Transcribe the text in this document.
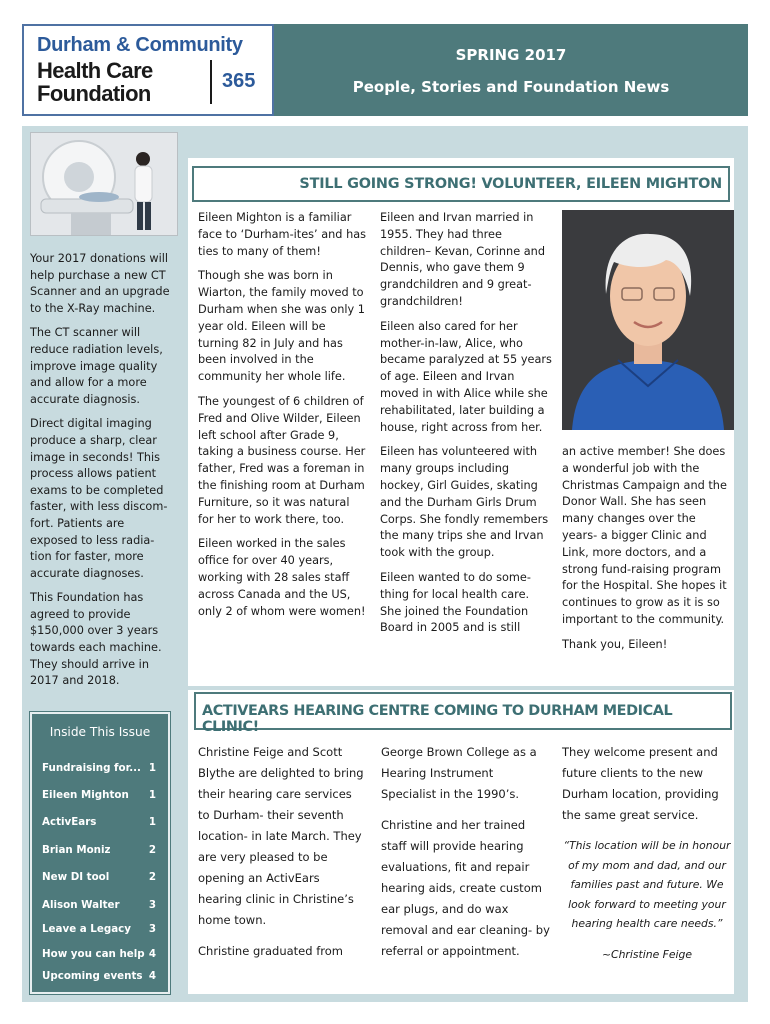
Durham & Community
Health Care
Foundation	365
SPRING 2017
People, Stories and Foundation News

Your 2017 donations will help purchase a new CT Scanner and an upgrade to the X-Ray machine.

The CT scanner will reduce radiation levels, improve image quality and allow for a more accurate diagnosis.

Direct digital imaging produce a sharp, clear image in seconds! This process allows patient exams to be completed faster, with less discom-fort. Patients are exposed to less radia-tion for faster, more accurate diagnoses.

This Foundation has agreed to provide $150,000 over 3 years towards each machine. They should arrive in 2017 and 2018.

STILL GOING STRONG! VOLUNTEER, EILEEN MIGHTON

Eileen Mighton is a familiar face to ‘Durham-ites’ and has ties to many of them!

Though she was born in Wiarton, the family moved to Durham when she was only 1 year old. Eileen will be turning 82 in July and has been involved in the community her whole life.

The youngest of 6 children of Fred and Olive Wilder, Eileen left school after Grade 9, taking a business course. Her father, Fred was a foreman in the finishing room at Durham Furniture, so it was natural for her to work there, too.

Eileen worked in the sales office for over 40 years, working with 28 sales staff across Canada and the US, only 2 of whom were women!

Eileen and Irvan married in 1955. They had three children– Kevan, Corinne and Dennis, who gave them 9 grandchildren and 9 great-grandchildren!

Eileen also cared for her mother-in-law, Alice, who became paralyzed at 55 years of age. Eileen and Irvan moved in with Alice while she rehabilitated, later building a house, right across from her.

Eileen has volunteered with many groups including hockey, Girl Guides, skating and the Durham Girls Drum Corps. She fondly remembers the many trips she and Irvan took with the group.

Eileen wanted to do some-thing for local health care. She joined the Foundation Board in 2005 and is still

an active member! She does a wonderful job with the Christmas Campaign and the Donor Wall. She has seen many changes over the years- a bigger Clinic and Link, more doctors, and a strong fund-raising program for the Hospital. She hopes it continues to grow as it is so important to the community.

Thank you, Eileen!

Inside This Issue
Fundraising for... 1
Eileen Mighton 1
ActivEars	1
Brian Moniz	2
New DI tool	2
Alison Walter	3
Leave a Legacy 3
How you can help 4
Upcoming events 4
ACTIVEARS HEARING CENTRE COMING TO DURHAM MEDICAL CLINIC!

Christine Feige and Scott Blythe are delighted to bring their hearing care services to Durham- their seventh location- in late March. They are very pleased to be opening an ActivEars hearing clinic in Christine’s home town.

Christine graduated from

George Brown College as a Hearing Instrument Specialist in the 1990’s.

Christine and her trained staff will provide hearing evaluations, fit and repair hearing aids, create custom ear plugs, and do wax removal and ear cleaning- by referral or appointment.

They welcome present and future clients to the new Durham location, providing the same great service.

“This location will be in honour of my mom and dad, and our families past and future. We look forward to meeting your hearing health care needs.”

~Christine Feige
